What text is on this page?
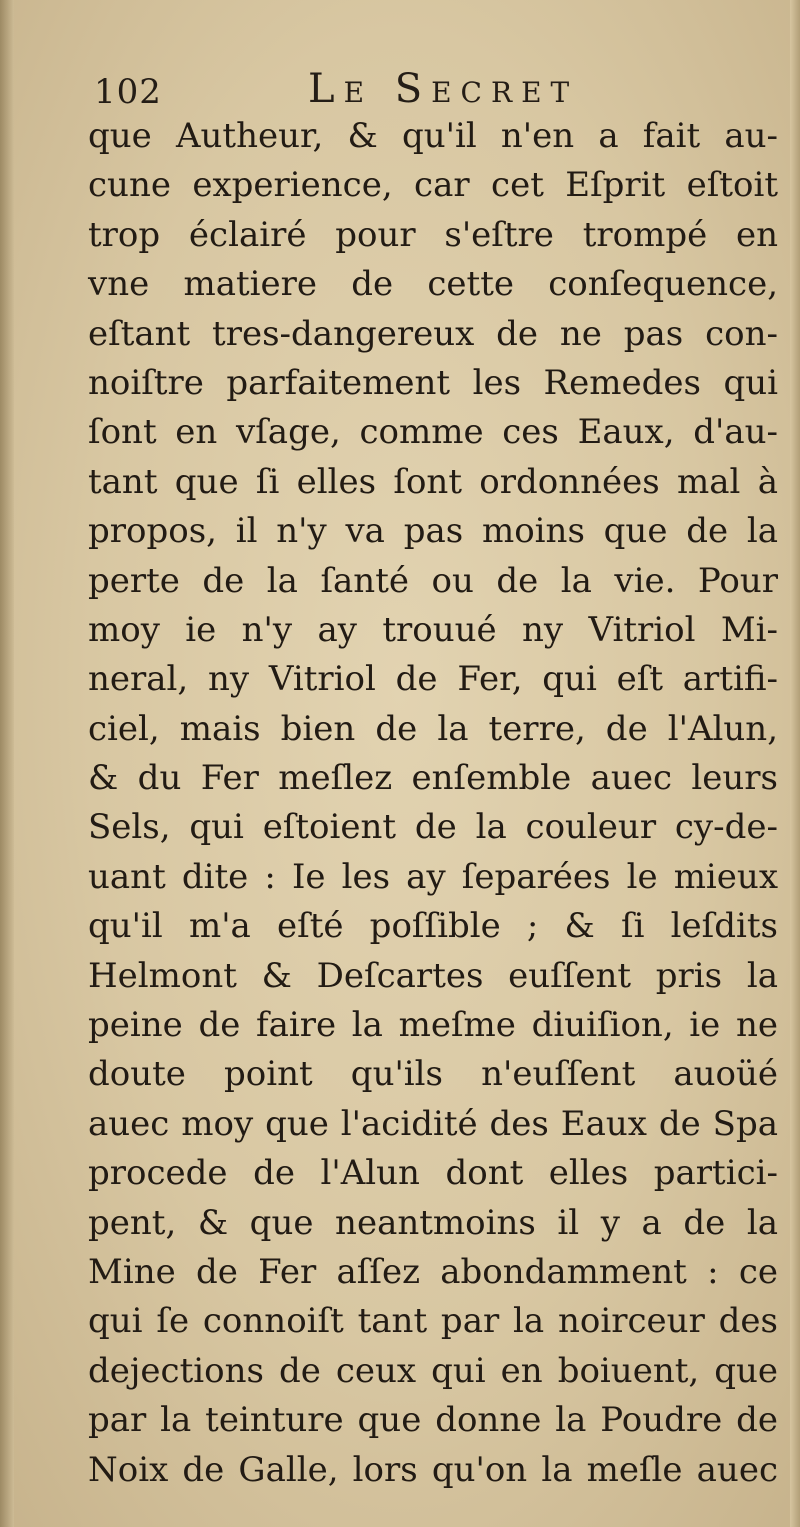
102	Le Secret
que Autheur, & qu'il n'en a fait au-
cune experience, car cet Eſprit eſtoit
trop éclairé pour s'eſtre trompé en
vne matiere de cette conſequence,
eſtant tres-dangereux de ne pas con-
noiſtre parfaitement les Remedes qui
ſont en vſage, comme ces Eaux, d'au-
tant que ſi elles ſont ordonnées mal à
propos, il n'y va pas moins que de la
perte de la ſanté ou de la vie. Pour
moy ie n'y ay trouué ny Vitriol Mi-
neral, ny Vitriol de Fer, qui eſt artifi-
ciel, mais bien de la terre, de l'Alun,
& du Fer meſlez enſemble auec leurs
Sels, qui eſtoient de la couleur cy-de-
uant dite : Ie les ay ſeparées le mieux
qu'il m'a eſté poſſible ; & ſi leſdits
Helmont & Deſcartes euſſent pris la
peine de faire la meſme diuiſion, ie ne
doute point qu'ils n'euſſent auoüé
auec moy que l'acidité des Eaux de Spa
procede de l'Alun dont elles partici-
pent, & que neantmoins il y a de la
Mine de Fer aſſez abondamment : ce
qui ſe connoiſt tant par la noirceur des
dejections de ceux qui en boiuent, que
par la teinture que donne la Poudre de
Noix de Galle, lors qu'on la meſle auec
